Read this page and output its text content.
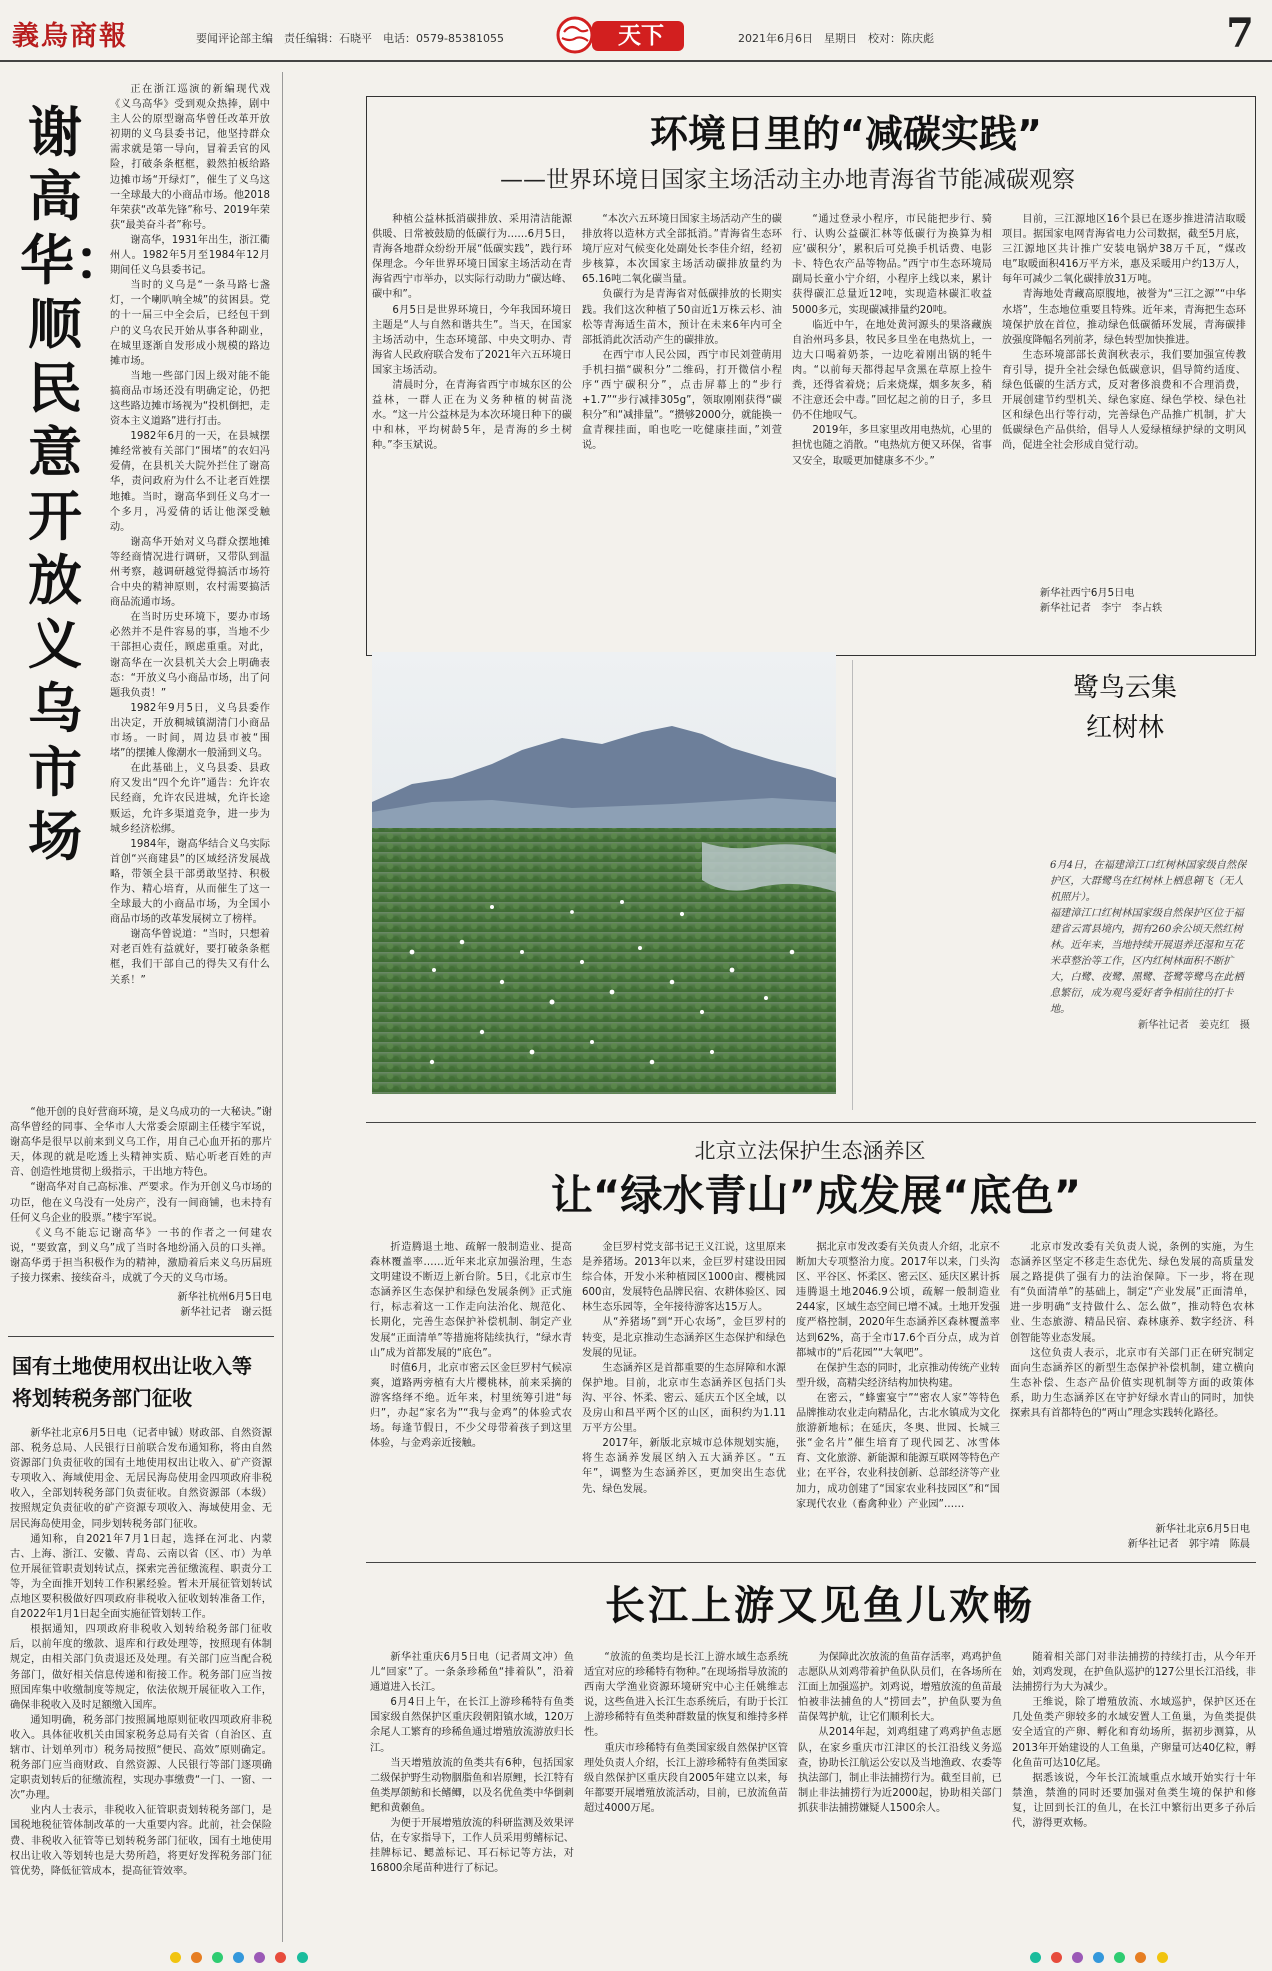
義烏商報	要闻评论部主编　责任编辑：石晓平　电话：0579-85381055	天下	2021年6月6日　星期日　校对：陈庆彪	7
谢高华：顺民意开放义乌市场

正在浙江巡演的新编现代戏《义乌高华》受到观众热捧，剧中主人公的原型谢高华曾任改革开放初期的义乌县委书记，他坚持群众需求就是第一导向，冒着丢官的风险，打破条条框框，毅然拍板给路边摊市场“开绿灯”，催生了义乌这一全球最大的小商品市场。他2018年荣获“改革先锋”称号、2019年荣获“最美奋斗者”称号。

谢高华，1931年出生，浙江衢州人。1982年5月至1984年12月期间任义乌县委书记。

当时的义乌是“一条马路七盏灯，一个喇叭响全城”的贫困县。党的十一届三中全会后，已经包干到户的义乌农民开始从事各种副业，在城里逐渐自发形成小规模的路边摊市场。

当地一些部门因上级对能不能搞商品市场还没有明确定论，仍把这些路边摊市场视为“投机倒把，走资本主义道路”进行打击。

1982年6月的一天，在县城摆摊经常被有关部门“围堵”的农妇冯爱倩，在县机关大院外拦住了谢高华，责问政府为什么不让老百姓摆地摊。当时，谢高华到任义乌才一个多月，冯爱倩的话让他深受触动。

谢高华开始对义乌群众摆地摊等经商情况进行调研，又带队到温州考察，越调研越觉得搞活市场符合中央的精神原则，农村需要搞活商品流通市场。

在当时历史环境下，要办市场必然并不是件容易的事，当地不少干部担心责任，顾虑重重。对此，谢高华在一次县机关大会上明确表态：“开放义乌小商品市场，出了问题我负责！”

1982年9月5日，义乌县委作出决定，开放稠城镇湖清门小商品市场。一时间，周边县市被“围堵”的摆摊人像潮水一般涌到义乌。

在此基础上，义乌县委、县政府又发出“四个允许”通告：允许农民经商，允许农民进城，允许长途贩运，允许多渠道竞争，进一步为城乡经济松绑。

1984年，谢高华结合义乌实际首创“兴商建县”的区域经济发展战略，带领全县干部勇敢坚持、积极作为、精心培育，从而催生了这一全球最大的小商品市场，为全国小商品市场的改革发展树立了榜样。

谢高华曾说道：“当时，只想着对老百姓有益就好，要打破条条框框，我们干部自己的得失又有什么关系！”

“他开创的良好营商环境，是义乌成功的一大秘诀。”谢高华曾经的同事、全华市人大常委会原副主任楼宇军说，谢高华是很早以前来到义乌工作，用自己心血开拓的那片天，体现的就是吃透上头精神实质、贴心听老百姓的声音、创造性地贯彻上级指示，干出地方特色。

“谢高华对自己高标准、严要求。作为开创义乌市场的功臣，他在义乌没有一处房产，没有一间商铺，也未持有任何义乌企业的股票。”楼宇军说。

《义乌不能忘记谢高华》一书的作者之一何建农说，“要致富，到义乌”成了当时各地纷涌入员的口头禅。谢高华勇于担当积极作为的精神，激励着后来义乌历届班子接力探索、接续奋斗，成就了今天的义乌市场。

新华社杭州6月5日电
新华社记者　谢云挺
国有土地使用权出让收入等
将划转税务部门征收

新华社北京6月5日电（记者申铖）财政部、自然资源部、税务总局、人民银行日前联合发布通知称，将由自然资源部门负责征收的国有土地使用权出让收入、矿产资源专项收入、海域使用金、无居民海岛使用金四项政府非税收入，全部划转税务部门负责征收。自然资源部（本级）按照规定负责征收的矿产资源专项收入、海域使用金、无居民海岛使用金，同步划转税务部门征收。

通知称，自2021年7月1日起，选择在河北、内蒙古、上海、浙江、安徽、青岛、云南以省（区、市）为单位开展征管职责划转试点，探索完善征缴流程、职责分工等，为全面推开划转工作积累经验。暂未开展征管划转试点地区要积极做好四项政府非税收入征收划转准备工作，自2022年1月1日起全面实施征管划转工作。

根据通知，四项政府非税收入划转给税务部门征收后，以前年度的缴款、退库和行政处理等，按照现有体制规定，由相关部门负责退还及处理。有关部门应当配合税务部门，做好相关信息传递和衔接工作。税务部门应当按照国库集中收缴制度等规定，依法依规开展征收入工作，确保非税收入及时足额缴入国库。

通知明确，税务部门按照属地原则征收四项政府非税收入。具体征收机关由国家税务总局有关省（自治区、直辖市、计划单列市）税务局按照“便民、高效”原则确定。税务部门应当商财政、自然资源、人民银行等部门逐项确定职责划转后的征缴流程，实现办事缴费“一门、一窗、一次”办理。

业内人士表示，非税收入征管职责划转税务部门，是国税地税征管体制改革的一大重要内容。此前，社会保险费、非税收入征管等已划转税务部门征收，国有土地使用权出让收入等划转也是大势所趋，将更好发挥税务部门征管优势，降低征管成本，提高征管效率。

环境日里的“减碳实践”
——世界环境日国家主场活动主办地青海省节能减碳观察

种植公益林抵消碳排放、采用清洁能源供暖、日常被鼓励的低碳行为……6月5日，青海各地群众纷纷开展“低碳实践”，践行环保理念。今年世界环境日国家主场活动在青海省西宁市举办，以实际行动助力“碳达峰、碳中和”。

6月5日是世界环境日，今年我国环境日主题是“人与自然和谐共生”。当天，在国家主场活动中，生态环境部、中央文明办、青海省人民政府联合发布了2021年六五环境日国家主场活动。

清晨时分，在青海省西宁市城东区的公益林，一群人正在为义务种植的树苗浇水。“这一片公益林是为本次环境日种下的碳中和林，平均树龄5年，是青海的乡土树种。”李玉斌说。

“本次六五环境日国家主场活动产生的碳排放将以造林方式全部抵消。”青海省生态环境厅应对气候变化处副处长李佳介绍，经初步核算，本次国家主场活动碳排放量约为65.16吨二氧化碳当量。

负碳行为是青海省对低碳排放的长期实践。我们这次种植了50亩近1万株云杉、油松等青海适生苗木，预计在未来6年内可全部抵消此次活动产生的碳排放。

在西宁市人民公园，西宁市民刘萱萌用手机扫描“碳积分”二维码，打开微信小程序“西宁碳积分”，点击屏幕上的“步行+1.7”“步行减排305g”，领取刚刚获得“碳积分”和“减排量”。“攒够2000分，就能换一盒青稞挂面，咱也吃一吃健康挂面，”刘萱说。

“通过登录小程序，市民能把步行、骑行、认购公益碳汇林等低碳行为换算为相应‘碳积分’，累积后可兑换手机话费、电影卡、特色农产品等物品。”西宁市生态环境局副局长童小宁介绍，小程序上线以来，累计获得碳汇总量近12吨，实现造林碳汇收益5000多元，实现碳减排量约20吨。

临近中午，在地处黄河源头的果洛藏族自治州玛多县，牧民多旦坐在电热炕上，一边大口喝着奶茶，一边吃着刚出锅的牦牛肉。“以前每天都得起早贪黑在草原上捡牛粪，还得省着烧；后来烧煤，烟多灰多，稍不注意还会中毒。”回忆起之前的日子，多旦仍不住地叹气。

2019年，多旦家里改用电热炕，心里的担忧也随之消散。“电热炕方便又环保，省事又安全，取暖更加健康多不少。”

目前，三江源地区16个县已在逐步推进清洁取暖项目。据国家电网青海省电力公司数据，截至5月底，三江源地区共计推广安装电锅炉38万千瓦，“煤改电”取暖面积416万平方米，惠及采暖用户约13万人，每年可减少二氧化碳排放31万吨。

青海地处青藏高原腹地，被誉为“三江之源”“中华水塔”，生态地位重要且特殊。近年来，青海把生态环境保护放在首位，推动绿色低碳循环发展，青海碳排放强度降幅名列前茅，绿色转型加快推进。

生态环境部部长黄润秋表示，我们要加强宣传教育引导，提升全社会绿色低碳意识，倡导简约适度、绿色低碳的生活方式，反对奢侈浪费和不合理消费，开展创建节约型机关、绿色家庭、绿色学校、绿色社区和绿色出行等行动，完善绿色产品推广机制，扩大低碳绿色产品供给，倡导人人爱绿植绿护绿的文明风尚，促进全社会形成自觉行动。

新华社西宁6月5日电
新华社记者　李宁　李占轶
鹭鸟云集
红树林
6月4日，在福建漳江口红树林国家级自然保护区，大群鹭鸟在红树林上栖息翱飞（无人机照片）。
福建漳江口红树林国家级自然保护区位于福建省云霄县境内，拥有260余公顷天然红树林。近年来，当地持续开展退养还湿和互花米草整治等工作，区内红树林面积不断扩大，白鹭、夜鹭、黑鹭、苍鹭等鹭鸟在此栖息繁衍，成为观鸟爱好者争相前往的打卡地。
新华社记者　姜克红　摄
北京立法保护生态涵养区
让“绿水青山”成发展“底色”

折造腾退土地、疏解一般制造业、提高森林覆盖率……近年来北京加强治理，生态文明建设不断迈上新台阶。5日，《北京市生态涵养区生态保护和绿色发展条例》正式施行，标志着这一工作走向法治化、规范化、长期化，完善生态保护补偿机制、制定产业发展“正面清单”等措施将陆续执行，“绿水青山”成为首都发展的“底色”。

时值6月，北京市密云区金巨罗村气候凉爽，道路两旁植有大片樱桃林，前来采摘的游客络绎不绝。近年来，村里统筹引进“每归”，办起“家名为”“我与金鸡”的体验式农场。每逢节假日，不少父母带着孩子到这里体验，与金鸡亲近接触。

金巨罗村党支部书记王义江说，这里原来是养猪场。2013年以来，金巨罗村建设田园综合体，开发小米种植园区1000亩、樱桃园600亩，发展特色品牌民宿、农耕体验区、园林生态乐园等，全年接待游客达15万人。

从“养猪场”到“开心农场”，金巨罗村的转变，是北京推动生态涵养区生态保护和绿色发展的见证。

生态涵养区是首都重要的生态屏障和水源保护地。目前，北京市生态涵养区包括门头沟、平谷、怀柔、密云、延庆五个区全域，以及房山和昌平两个区的山区，面积约为1.11万平方公里。

2017年，新版北京城市总体规划实施，将生态涵养发展区纳入五大涵养区。“五年”，调整为生态涵养区，更加突出生态优先、绿色发展。

据北京市发改委有关负责人介绍，北京不断加大专项整治力度。2017年以来，门头沟区、平谷区、怀柔区、密云区、延庆区累计拆违腾退土地2046.9公顷，疏解一般制造业244家，区域生态空间已增不减。土地开发强度严格控制，2020年生态涵养区森林覆盖率达到62%，高于全市17.6个百分点，成为首都城市的“后花园”“大氧吧”。

在保护生态的同时，北京推动传统产业转型升级，高精尖经济结构加快构建。

在密云，“蜂蜜宴宁”“密农人家”等特色品牌推动农业走向精品化，古北水镇成为文化旅游新地标；在延庆，冬奥、世园、长城三张“金名片”催生培育了现代园艺、冰雪体育、文化旅游、新能源和能源互联网等特色产业；在平谷，农业科技创新、总部经济等产业加力，成功创建了“国家农业科技园区”和“国家现代农业（畜禽种业）产业园”……

北京市发改委有关负责人说，条例的实施，为生态涵养区坚定不移走生态优先、绿色发展的高质量发展之路提供了强有力的法治保障。下一步，将在现有“负面清单”的基础上，制定“产业发展”正面清单，进一步明确“支持做什么、怎么做”，推动特色农林业、生态旅游、精品民宿、森林康养、数字经济、科创智能等业态发展。

这位负责人表示，北京市有关部门正在研究制定面向生态涵养区的新型生态保护补偿机制，建立横向生态补偿、生态产品价值实现机制等方面的政策体系，助力生态涵养区在守护好绿水青山的同时，加快探索具有首都特色的“两山”理念实践转化路径。

新华社北京6月5日电
新华社记者　郭宇靖　陈晨
长江上游又见鱼儿欢畅

新华社重庆6月5日电（记者周文冲）鱼儿“回家”了。一条条珍稀鱼“排着队”，沿着通道进入长江。

6月4日上午，在长江上游珍稀特有鱼类国家级自然保护区重庆段朝阳镇水域，120万余尾人工繁育的珍稀鱼通过增殖放流游放归长江。

当天增殖放流的鱼类共有6种，包括国家二级保护野生动物胭脂鱼和岩原鲤，长江特有鱼类厚颌鲂和长鳍鲫，以及名优鱼类中华倒刺鲃和黄颡鱼。

为便于开展增殖放流的科研监测及效果评估，在专家指导下，工作人员采用剪鳍标记、挂牌标记、鳃盖标记、耳石标记等方法，对16800余尾苗种进行了标记。

“放流的鱼类均是长江上游水域生态系统适宜对应的珍稀特有物种。”在现场指导放流的西南大学渔业资源环境研究中心主任姚维志说，这些鱼进入长江生态系统后，有助于长江上游珍稀特有鱼类种群数量的恢复和维持多样性。

重庆市珍稀特有鱼类国家级自然保护区管理处负责人介绍，长江上游珍稀特有鱼类国家级自然保护区重庆段自2005年建立以来，每年都要开展增殖放流活动，目前，已放流鱼苗超过4000万尾。

为保障此次放流的鱼苗存活率，鸡鸡护鱼志愿队从刘鸡带着护鱼队队员们，在各场所在江面上加强巡护。刘鸡说，增殖放流的鱼苗最怕被非法捕鱼的人“捞回去”，护鱼队要为鱼苗保驾护航，让它们顺利长大。

从2014年起，刘鸡组建了鸡鸡护鱼志愿队，在家乡重庆市江津区的长江沿线义务巡查，协助长江航运公安以及当地渔政、农委等执法部门，制止非法捕捞行为。截至目前，已制止非法捕捞行为近2000起，协助相关部门抓获非法捕捞嫌疑人1500余人。

随着相关部门对非法捕捞的持续打击，从今年开始，刘鸡发现，在护鱼队巡护的127公里长江沿线，非法捕捞行为大为减少。

王维说，除了增殖放流、水域巡护，保护区还在几处鱼类产卵较多的水域安置人工鱼巢，为鱼类提供安全适宜的产卵、孵化和育幼场所，据初步测算，从2013年开始建设的人工鱼巢，产卵量可达40亿粒，孵化鱼苗可达10亿尾。

据悉该说，今年长江流域重点水域开始实行十年禁渔，禁渔的同时还要加强对鱼类生境的保护和修复，让回到长江的鱼儿，在长江中繁衍出更多子孙后代，游得更欢畅。
